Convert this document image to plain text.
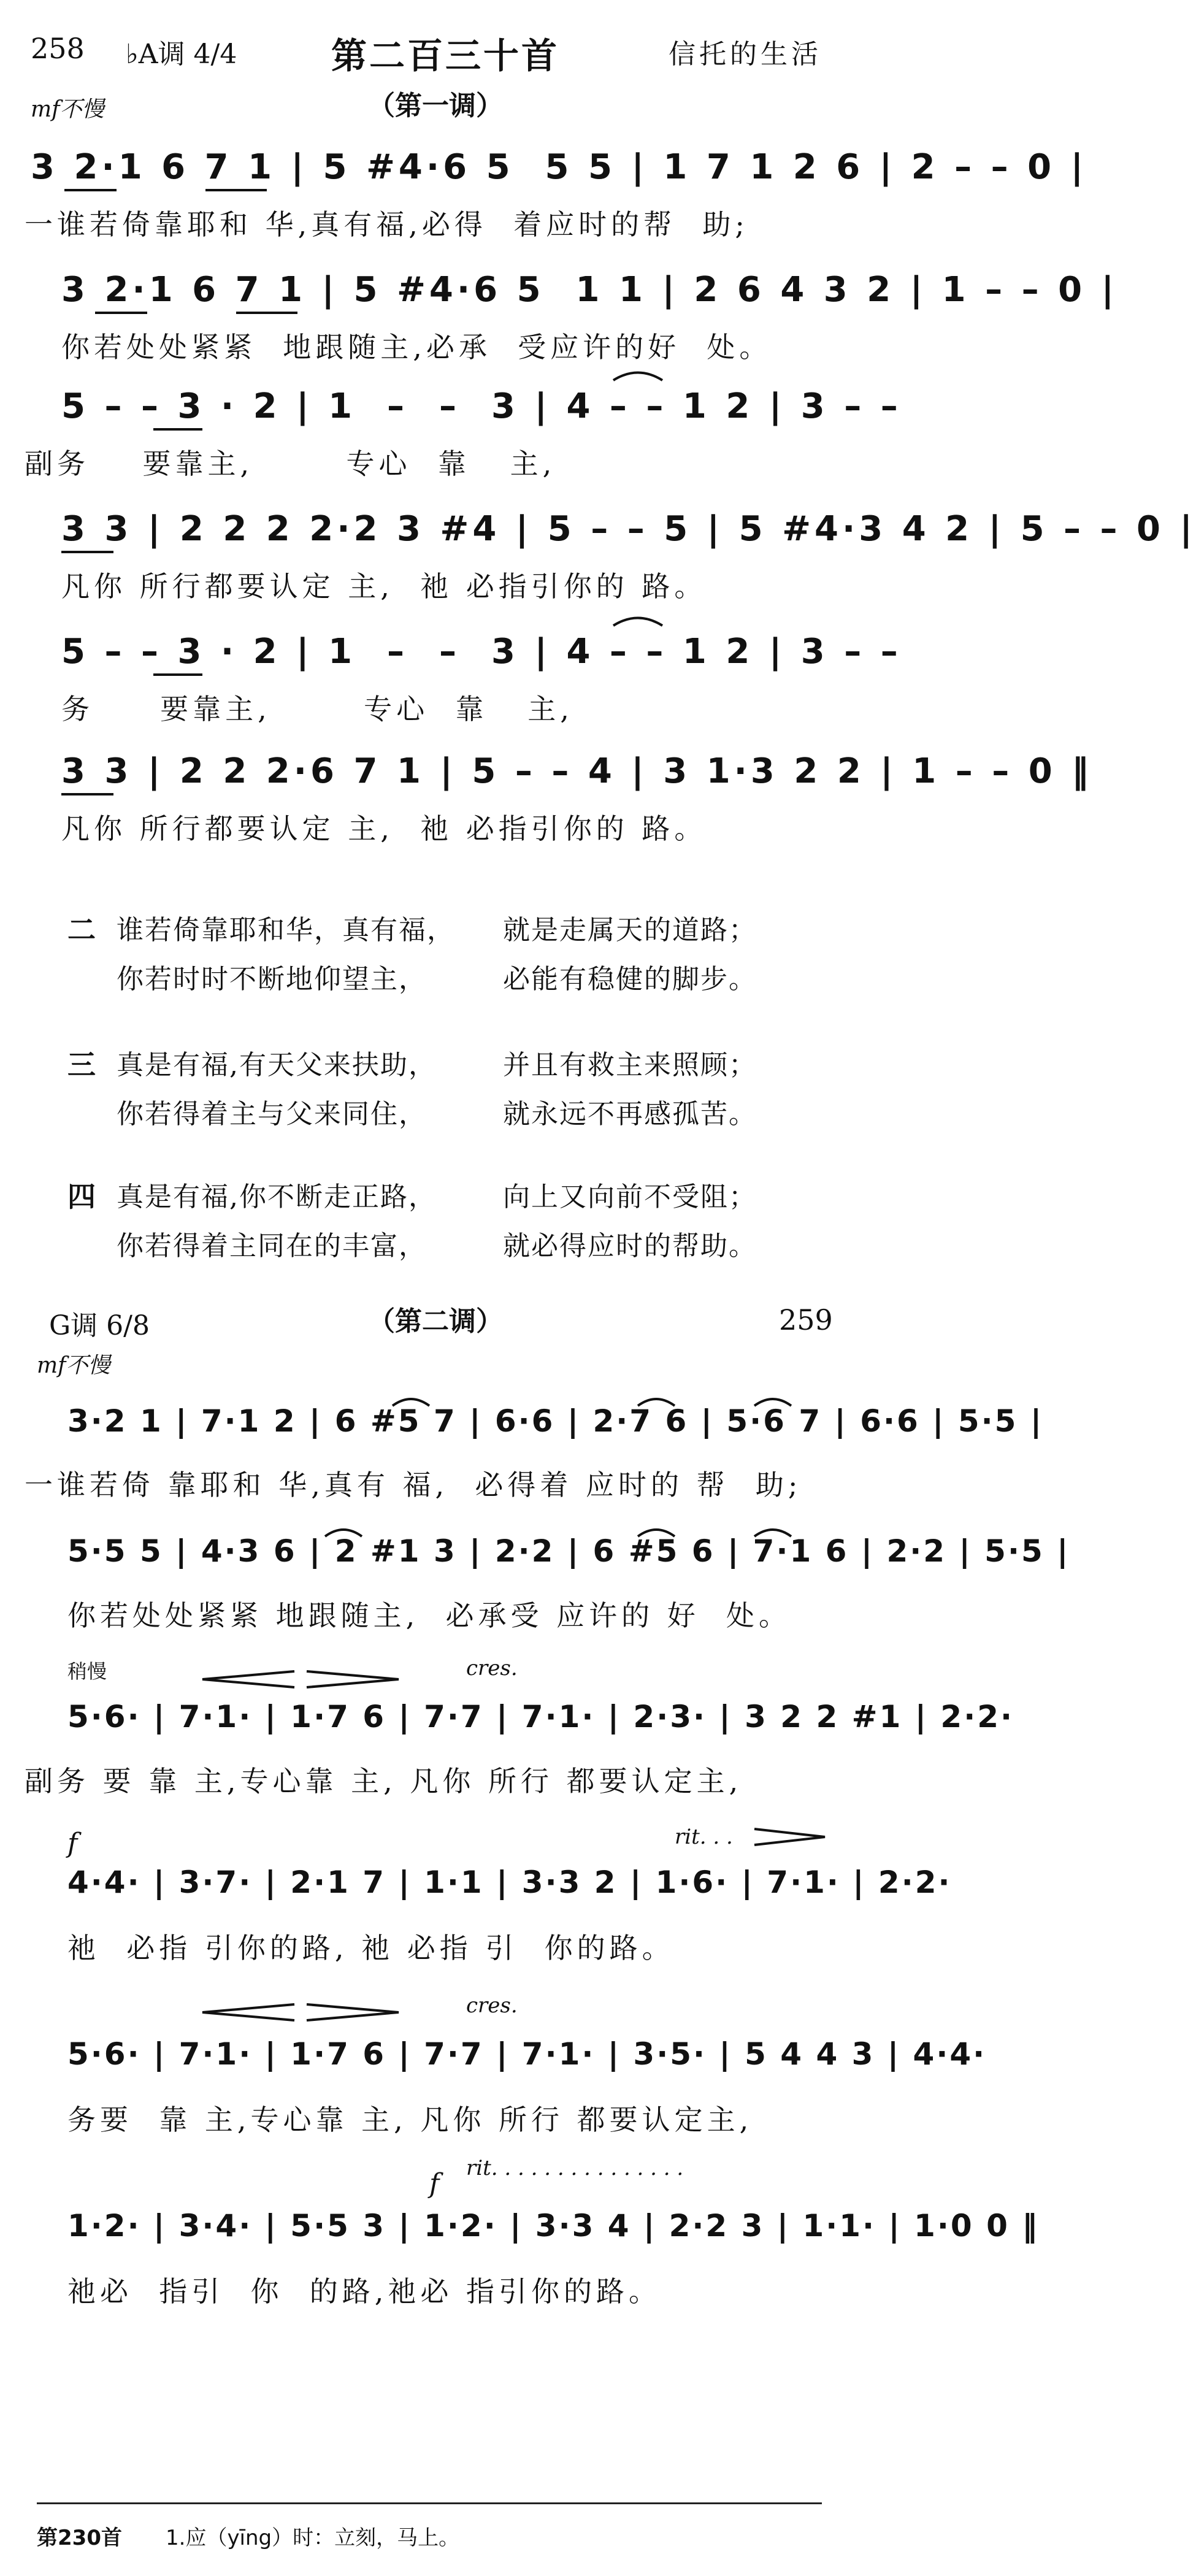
258 ♭A调 4/4	第二百三十首	信托的生活
（第一调）
mf不慢
3 2·1 6 7 1 | 5 #4·6 5  5 5 | 1 7 1 2 6 | 2 – – 0 |
一谁若倚靠耶和 华,真有福,必得  着应时的帮  助;
3 2·1 6 7 1 | 5 #4·6 5  1 1 | 2 6 4 3 2 | 1 – – 0 |
你若处处紧紧  地跟随主,必承  受应许的好  处。
5 – – 3 · 2 | 1  –  –  3 | 4 – – 1 2 | 3 – –
副务    要靠主,       专心  靠   主,
3 3 | 2 2 2 2·2 3 #4 | 5 – – 5 | 5 #4·3 4 2 | 5 – – 0 |
凡你 所行都要认定 主,  祂 必指引你的 路。
5 – – 3 · 2 | 1  –  –  3 | 4 – – 1 2 | 3 – –
务     要靠主,       专心  靠   主,
3 3 | 2 2 2·6 7 1 | 5 – – 4 | 3 1·3 2 2 | 1 – – 0 ‖
凡你 所行都要认定 主,  祂 必指引你的 路。
二 谁若倚靠耶和华，真有福， 就是走属天的道路；
你若时时不断地仰望主，	必能有稳健的脚步。
三 真是有福,有天父来扶助， 并且有救主来照顾；
你若得着主与父来同住，	就永远不再感孤苦。
四 真是有福,你不断走正路， 向上又向前不受阻；
你若得着主同在的丰富，	就必得应时的帮助。
G调 6/8	（第二调）	259
mf不慢
3·2 1 | 7·1 2 | 6 #5 7 | 6·6 | 2·7 6 | 5·6 7 | 6·6 | 5·5 |
一谁若倚 靠耶和 华,真有 福,  必得着 应时的 帮  助;
5·5 5 | 4·3 6 | 2 #1 3 | 2·2 | 6 #5 6 | 7·1 6 | 2·2 | 5·5 |
你若处处紧紧 地跟随主,  必承受 应许的 好  处。
稍慢	cres.
5·6· | 7·1· | 1·7 6 | 7·7 | 7·1· | 2·3· | 3 2 2 #1 | 2·2·
副务 要 靠 主,专心靠 主, 凡你 所行 都要认定主,
f	rit. . .
4·4· | 3·7· | 2·1 7 | 1·1 | 3·3 2 | 1·6· | 7·1· | 2·2·
祂  必指 引你的路, 祂 必指 引  你的路。
cres.
5·6· | 7·1· | 1·7 6 | 7·7 | 7·1· | 3·5· | 5 4 4 3 | 4·4·
务要  靠 主,专心靠 主, 凡你 所行 都要认定主,
f rit. . . . . . . . . . . . . . .
1·2· | 3·4· | 5·5 3 | 1·2· | 3·3 4 | 2·2 3 | 1·1· | 1·0 0 ‖
祂必  指引  你  的路,祂必 指引你的路。
第230首 1.应（yīng）时：立刻，马上。
